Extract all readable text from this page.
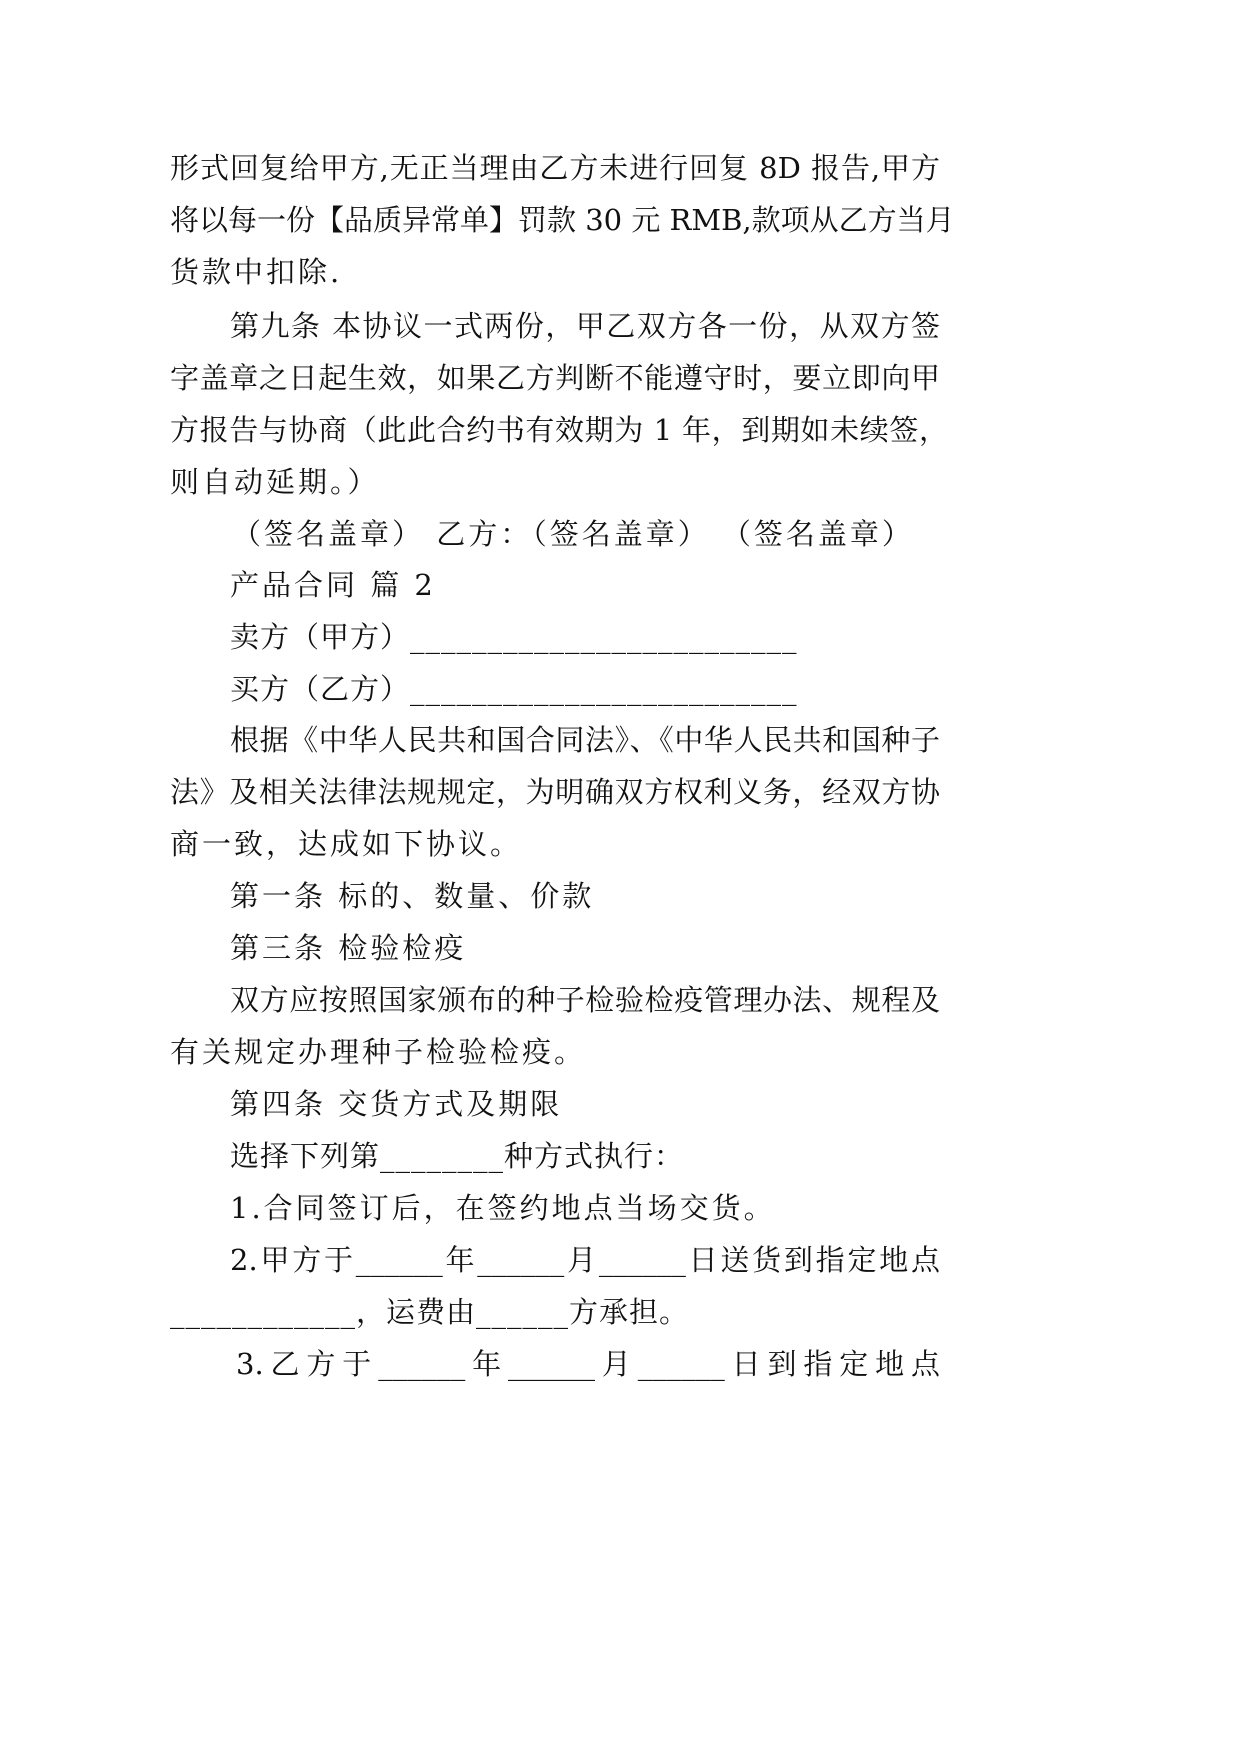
形式回复给甲方,无正当理由乙方未进行回复 8D 报告,甲方
将以每一份【品质异常单】罚款 30 元 RMB,款项从乙方当月
货款中扣除.
第九条 本协议一式两份，甲乙双方各一份，从双方签
字盖章之日起生效，如果乙方判断不能遵守时，要立即向甲
方报告与协商（此此合约书有效期为 1 年，到期如未续签，
则自动延期。）
（签名盖章） 乙方：（签名盖章） （签名盖章）
产品合同 篇 2
卖方（甲方）_________________________
买方（乙方）_________________________
根据《中华人民共和国合同法》、《中华人民共和国种子
法》及相关法律法规规定，为明确双方权利义务，经双方协
商一致，达成如下协议。
第一条 标的、数量、价款
第三条 检验检疫
双方应按照国家颁布的种子检验检疫管理办法、规程及
有关规定办理种子检验检疫。
第四条 交货方式及期限
选择下列第________种方式执行：
1.合同签订后，在签约地点当场交货。
2.甲方于______年______月______日送货到指定地点
____________，运费由______方承担。
3.乙方于______年______月______日到指定地点
